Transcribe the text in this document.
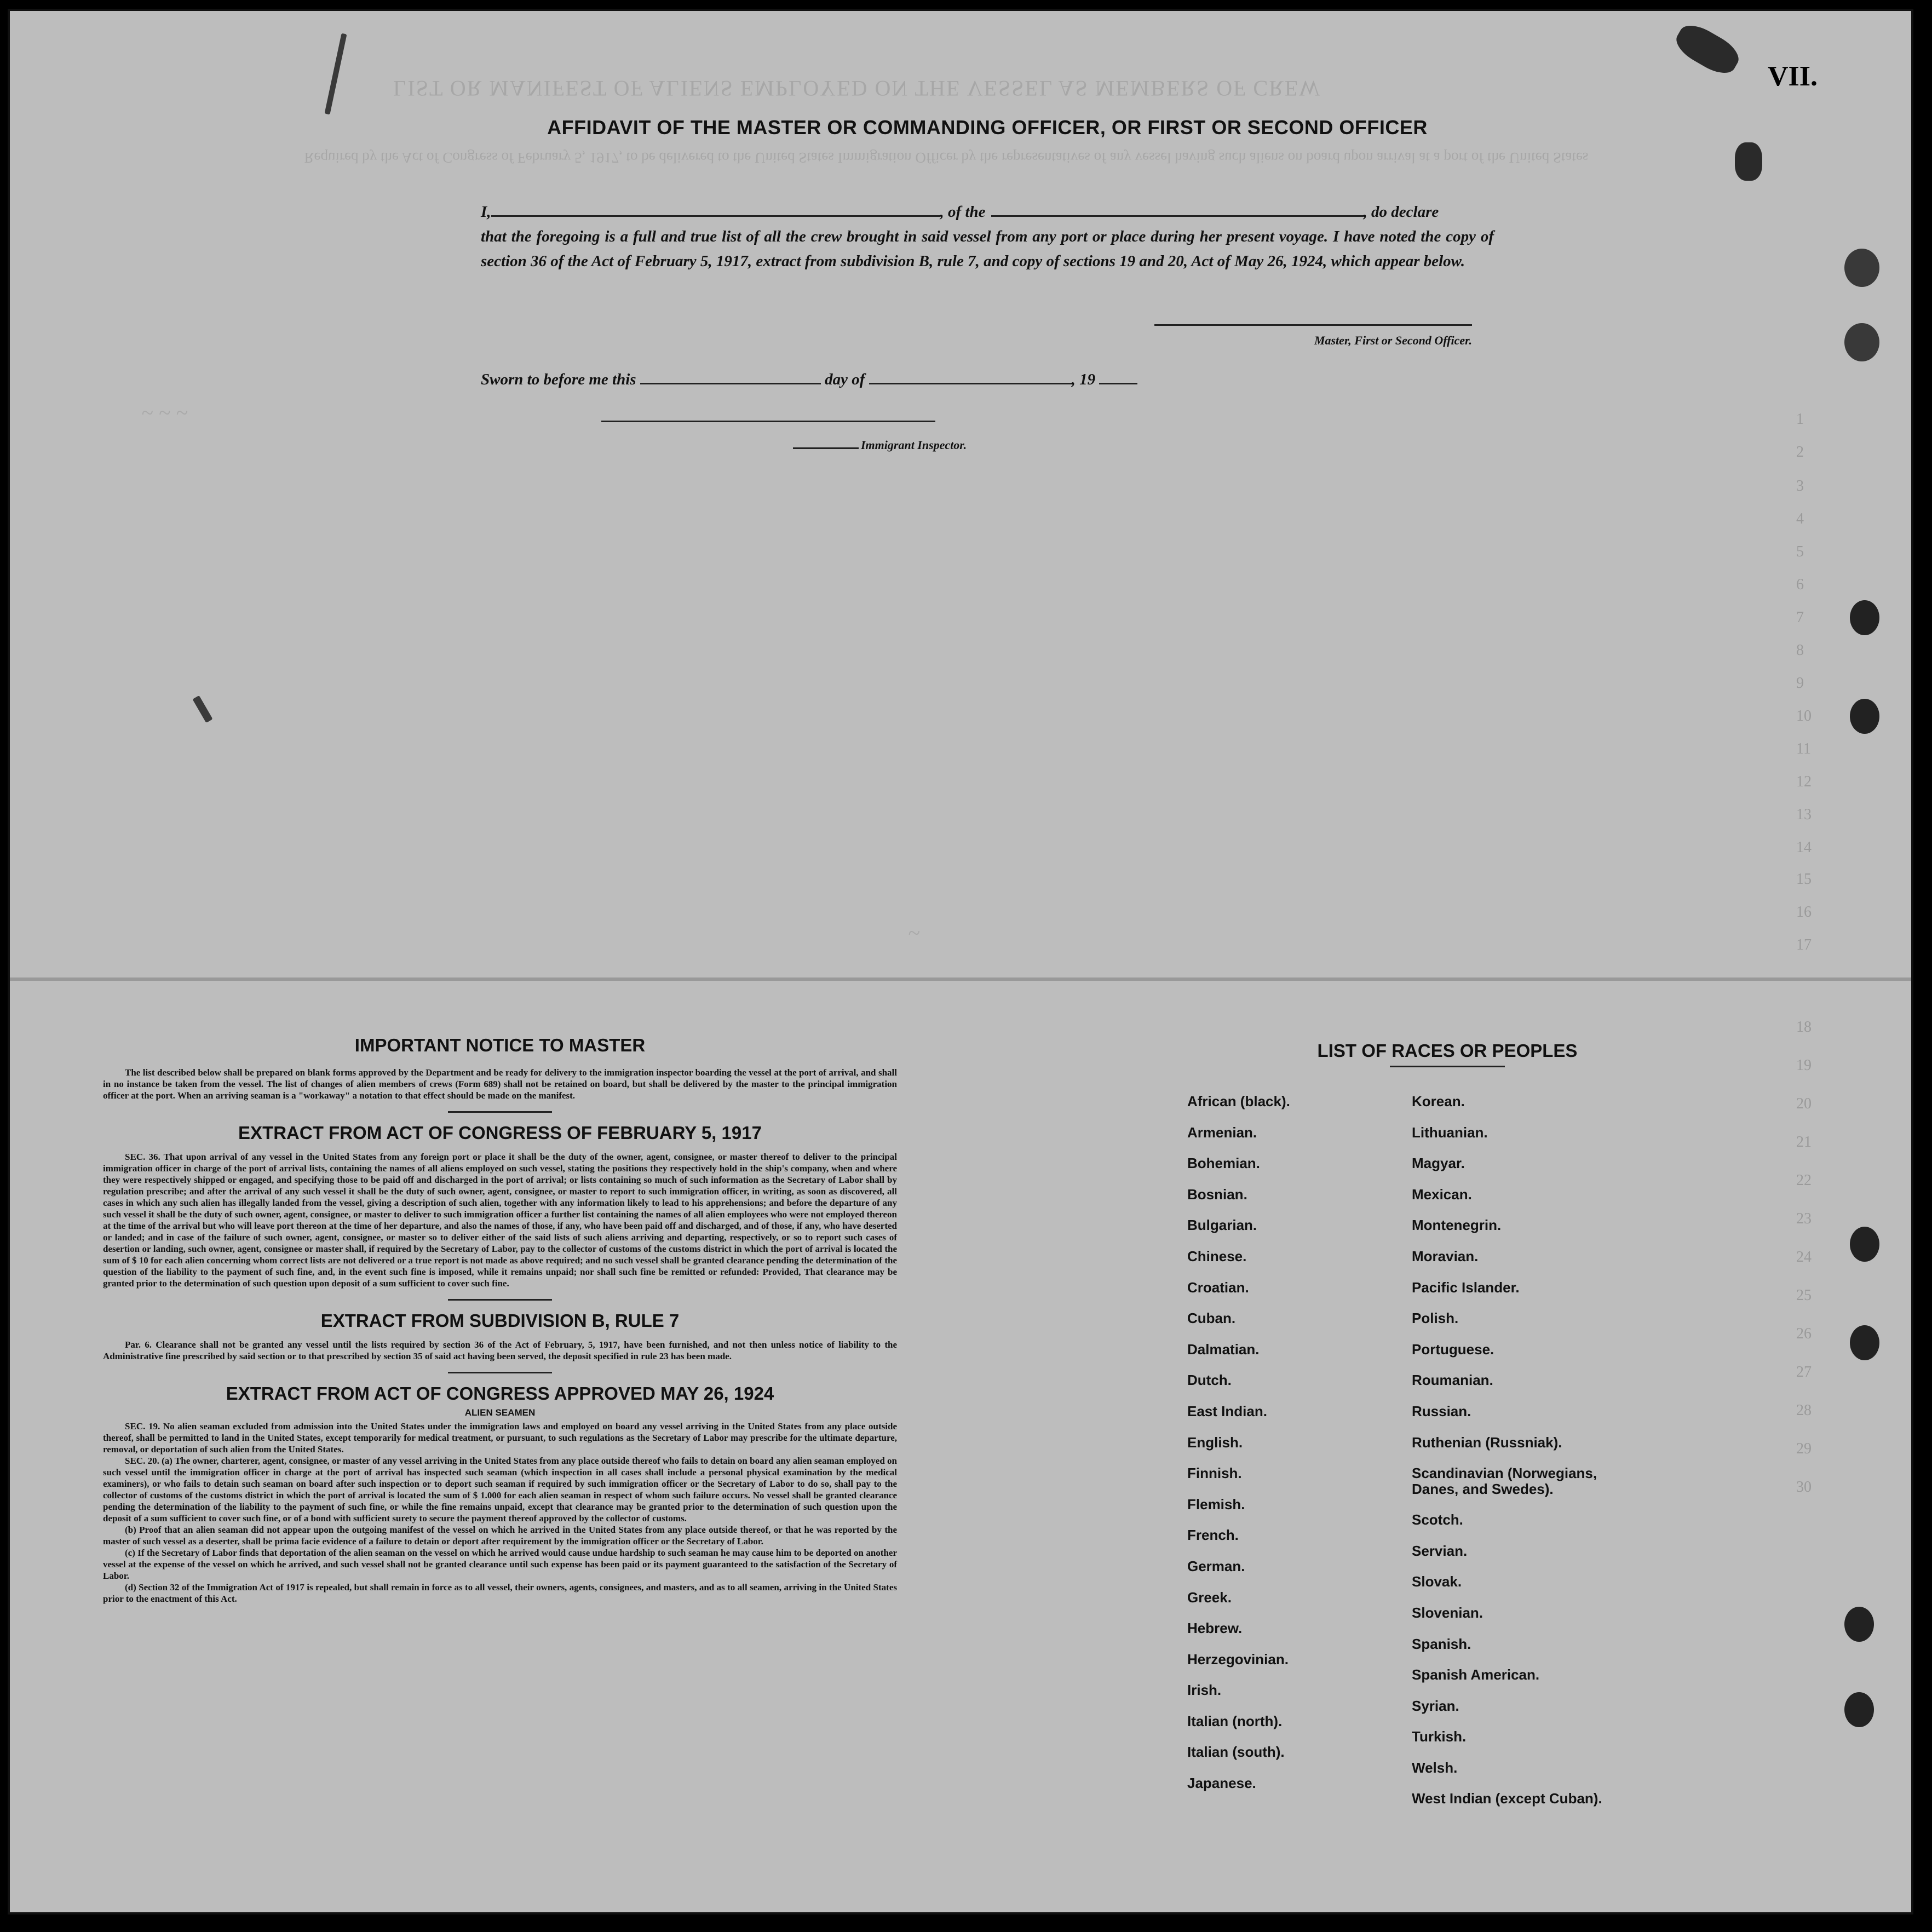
LIST OR MANIFEST OF ALIENS EMPLOYED ON THE VESSEL AS MEMBERS OF CREW
Required by the Act of Congress of February 5, 1917, to be delivered to the United States Immigration Officer by the representatives of any vessel having such aliens on board upon arrival at a port of the United States
VII.
AFFIDAVIT OF THE MASTER OR COMMANDING OFFICER, OR FIRST OR SECOND OFFICER
I,	, of the	, do declare
that the foregoing is a full and true list of all the crew brought in said vessel from any port or place during her present voyage. I have noted the copy of section 36 of the Act of February 5, 1917, extract from subdivision B, rule 7, and copy of sections 19 and 20, Act of May 26, 1924, which appear below.
Master, First or Second Officer.
Sworn to before me this	day of	, 19
Immigrant Inspector.
1
2
3
4
5
6
7
8
9
10
11
12
13
14
15
16
17
18
19
20
21
22
23
24
25
26
27
28
29
30
~ ~ ~
~
IMPORTANT NOTICE TO MASTER

The list described below shall be prepared on blank forms approved by the Department and be ready for delivery to the immigration inspector boarding the vessel at the port of arrival, and shall in no instance be taken from the vessel. The list of changes of alien members of crews (Form 689) shall not be retained on board, but shall be delivered by the master to the principal immigration officer at the port. When an arriving seaman is a "workaway" a notation to that effect should be made on the manifest.

EXTRACT FROM ACT OF CONGRESS OF FEBRUARY 5, 1917

SEC. 36. That upon arrival of any vessel in the United States from any foreign port or place it shall be the duty of the owner, agent, consignee, or master thereof to deliver to the principal immigration officer in charge of the port of arrival lists, containing the names of all aliens employed on such vessel, stating the positions they respectively hold in the ship's company, when and where they were respectively shipped or engaged, and specifying those to be paid off and discharged in the port of arrival; or lists containing so much of such information as the Secretary of Labor shall by regulation prescribe; and after the arrival of any such vessel it shall be the duty of such owner, agent, consignee, or master to report to such immigration officer, in writing, as soon as discovered, all cases in which any such alien has illegally landed from the vessel, giving a description of such alien, together with any information likely to lead to his apprehensions; and before the departure of any such vessel it shall be the duty of such owner, agent, consignee, or master to deliver to such immigration officer a further list containing the names of all alien employees who were not employed thereon at the time of the arrival but who will leave port thereon at the time of her departure, and also the names of those, if any, who have been paid off and discharged, and of those, if any, who have deserted or landed; and in case of the failure of such owner, agent, consignee, or master so to deliver either of the said lists of such aliens arriving and departing, respectively, or so to report such cases of desertion or landing, such owner, agent, consignee or master shall, if required by the Secretary of Labor, pay to the collector of customs of the customs district in which the port of arrival is located the sum of $ 10 for each alien concerning whom correct lists are not delivered or a true report is not made as above required; and no such vessel shall be granted clearance pending the determination of the question of the liability to the payment of such fine, and, in the event such fine is imposed, while it remains unpaid; nor shall such fine be remitted or refunded: Provided, That clearance may be granted prior to the determination of such question upon deposit of a sum sufficient to cover such fine.

EXTRACT FROM SUBDIVISION B, RULE 7

Par. 6. Clearance shall not be granted any vessel until the lists required by section 36 of the Act of February, 5, 1917, have been furnished, and not then unless notice of liability to the Administrative fine prescribed by said section or to that prescribed by section 35 of said act having been served, the deposit specified in rule 23 has been made.

EXTRACT FROM ACT OF CONGRESS APPROVED MAY 26, 1924
ALIEN SEAMEN

SEC. 19. No alien seaman excluded from admission into the United States under the immigration laws and employed on board any vessel arriving in the United States from any place outside thereof, shall be permitted to land in the United States, except temporarily for medical treatment, or pursuant, to such regulations as the Secretary of Labor may prescribe for the ultimate departure, removal, or deportation of such alien from the United States.

SEC. 20. (a) The owner, charterer, agent, consignee, or master of any vessel arriving in the United States from any place outside thereof who fails to detain on board any alien seaman employed on such vessel until the immigration officer in charge at the port of arrival has inspected such seaman (which inspection in all cases shall include a personal physical examination by the medical examiners), or who fails to detain such seaman on board after such inspection or to deport such seaman if required by such immigration officer or the Secretary of Labor to do so, shall pay to the collector of customs of the customs district in which the port of arrival is located the sum of $ 1.000 for each alien seaman in respect of whom such failure occurs. No vessel shall be granted clearance pending the determination of the liability to the payment of such fine, or while the fine remains unpaid, except that clearance may be granted prior to the determination of such question upon the deposit of a sum sufficient to cover such fine, or of a bond with sufficient surety to secure the payment thereof approved by the collector of customs.

(b) Proof that an alien seaman did not appear upon the outgoing manifest of the vessel on which he arrived in the United States from any place outside thereof, or that he was reported by the master of such vessel as a deserter, shall be prima facie evidence of a failure to detain or deport after requirement by the immigration officer or the Secretary of Labor.

(c) If the Secretary of Labor finds that deportation of the alien seaman on the vessel on which he arrived would cause undue hardship to such seaman he may cause him to be deported on another vessel at the expense of the vessel on which he arrived, and such vessel shall not be granted clearance until such expense has been paid or its payment guaranteed to the satisfaction of the Secretary of Labor.

(d) Section 32 of the Immigration Act of 1917 is repealed, but shall remain in force as to all vessel, their owners, agents, consignees, and masters, and as to all seamen, arriving in the United States prior to the enactment of this Act.

LIST OF RACES OR PEOPLES
African (black).
Armenian.
Bohemian.
Bosnian.
Bulgarian.
Chinese.
Croatian.
Cuban.
Dalmatian.
Dutch.
East Indian.
English.
Finnish.
Flemish.
French.
German.
Greek.
Hebrew.
Herzegovinian.
Irish.
Italian (north).
Italian (south).
Japanese.
Korean.
Lithuanian.
Magyar.
Mexican.
Montenegrin.
Moravian.
Pacific Islander.
Polish.
Portuguese.
Roumanian.
Russian.
Ruthenian (Russniak).
Scandinavian (Norwegians, Danes, and Swedes).
Scotch.
Servian.
Slovak.
Slovenian.
Spanish.
Spanish American.
Syrian.
Turkish.
Welsh.
West Indian (except Cuban).
